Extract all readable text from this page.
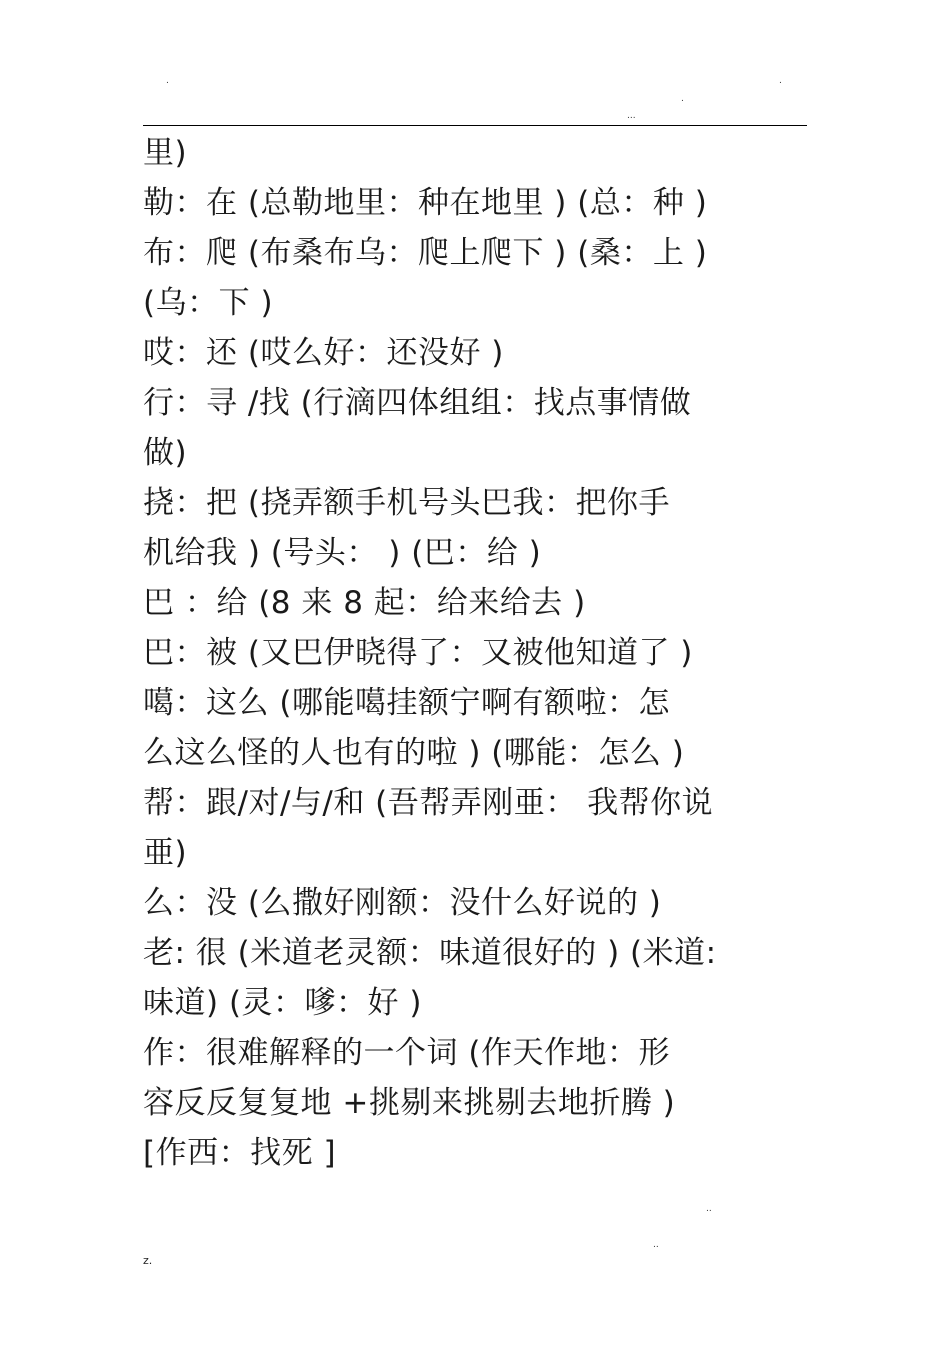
.	.
.
...
里)
勒：在 (总勒地里：种在地里 ) (总：种 )
布：爬 (布桑布乌：爬上爬下 ) (桑：上 )
(乌：下 )
哎：还 (哎么好：还没好 )
行：寻 /找 (行滴四体组组：找点事情做
做)
挠：把 (挠弄额手机号头巴我：把你手
机给我 ) (号头： ) (巴：给 )
巴 ：给 (8 来 8 起：给来给去 )
巴：被 (又巴伊晓得了：又被他知道了 )
噶：这么 (哪能噶挂额宁啊有额啦：怎
么这么怪的人也有的啦 ) (哪能：怎么 )
帮：跟/对/与/和 (吾帮弄刚亜： 我帮你说
亜)
么：没 (么撒好刚额：没什么好说的 )
老: 很 (米道老灵额：味道很好的 ) (米道:
味道) (灵：嗲：好 )
作：很难解释的一个词 (作天作地：形
容反反复复地 +挑剔来挑剔去地折腾 )
[作西：找死 ]
..
..
z.
